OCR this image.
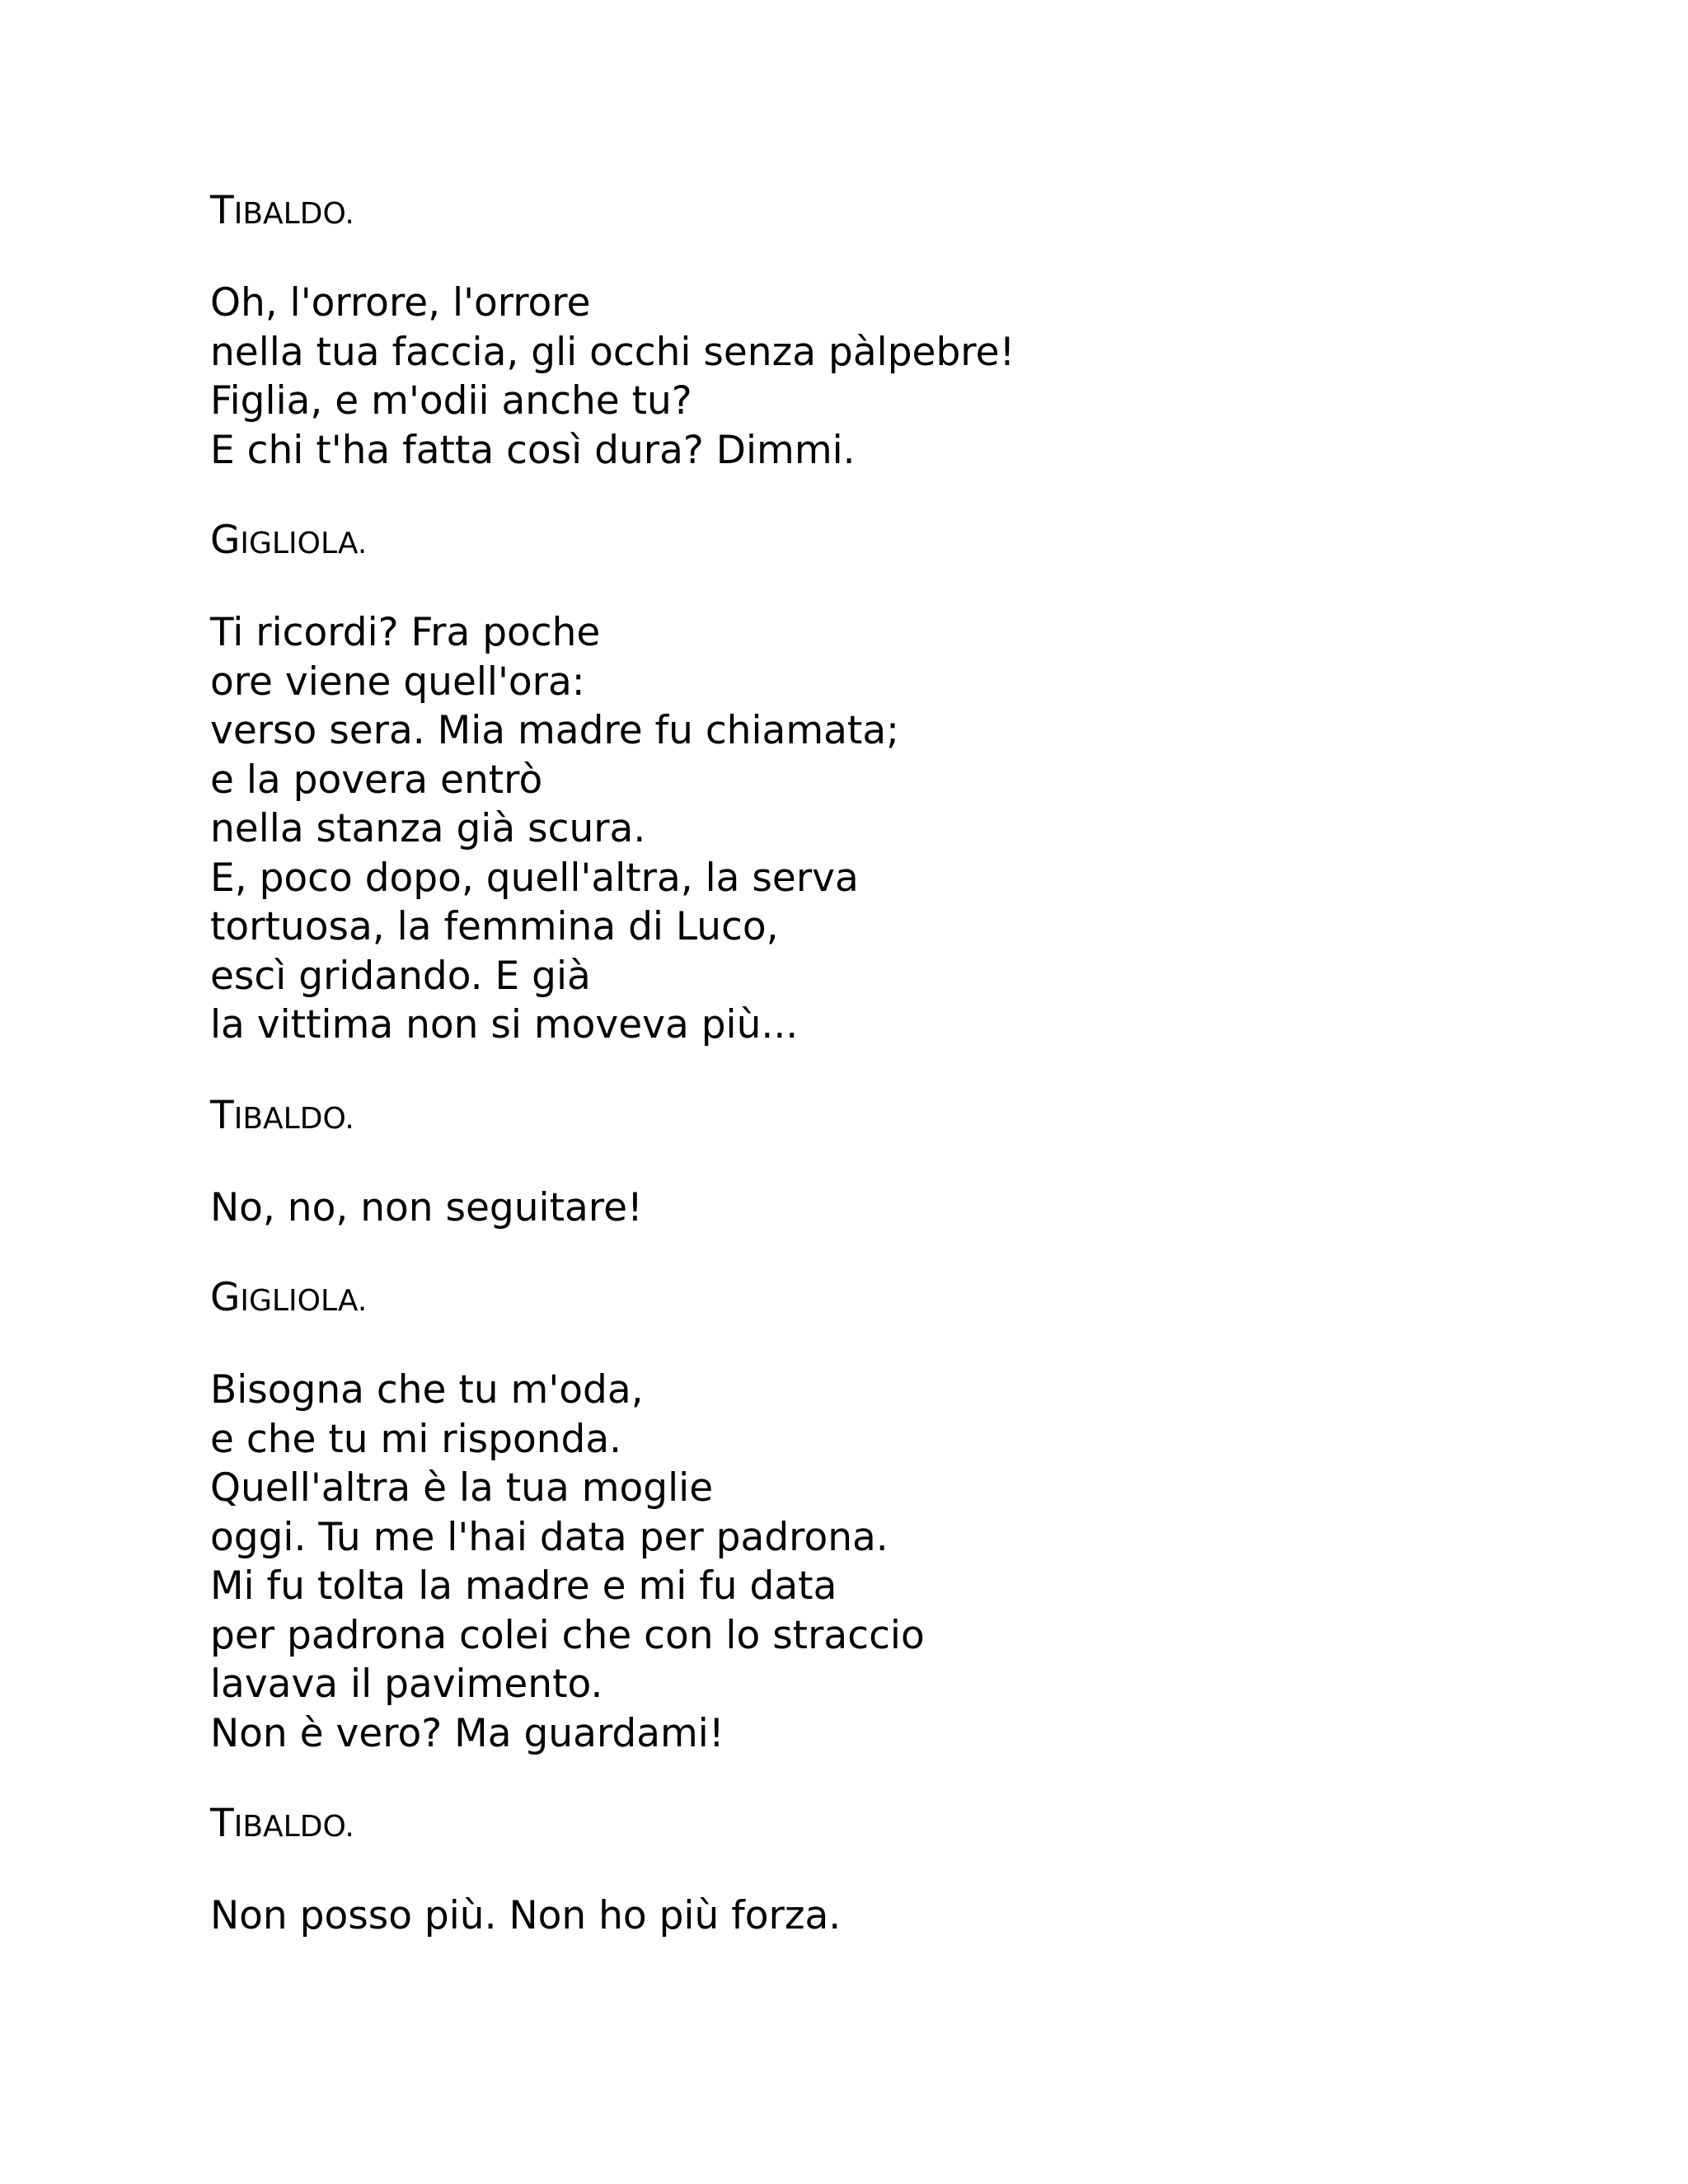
TIBALDO.
Oh, l'orrore, l'orrore
nella tua faccia, gli occhi senza pàlpebre!
Figlia, e m'odii anche tu?
E chi t'ha fatta così dura? Dimmi.
GIGLIOLA.
Ti ricordi? Fra poche
ore viene quell'ora:
verso sera. Mia madre fu chiamata;
e la povera entrò
nella stanza già scura.
E, poco dopo, quell'altra, la serva
tortuosa, la femmina di Luco,
escì gridando. E già
la vittima non si moveva più...
TIBALDO.
No, no, non seguitare!
GIGLIOLA.
Bisogna che tu m'oda,
e che tu mi risponda.
Quell'altra è la tua moglie
oggi. Tu me l'hai data per padrona.
Mi fu tolta la madre e mi fu data
per padrona colei che con lo straccio
lavava il pavimento.
Non è vero? Ma guardami!
TIBALDO.
Non posso più. Non ho più forza.
